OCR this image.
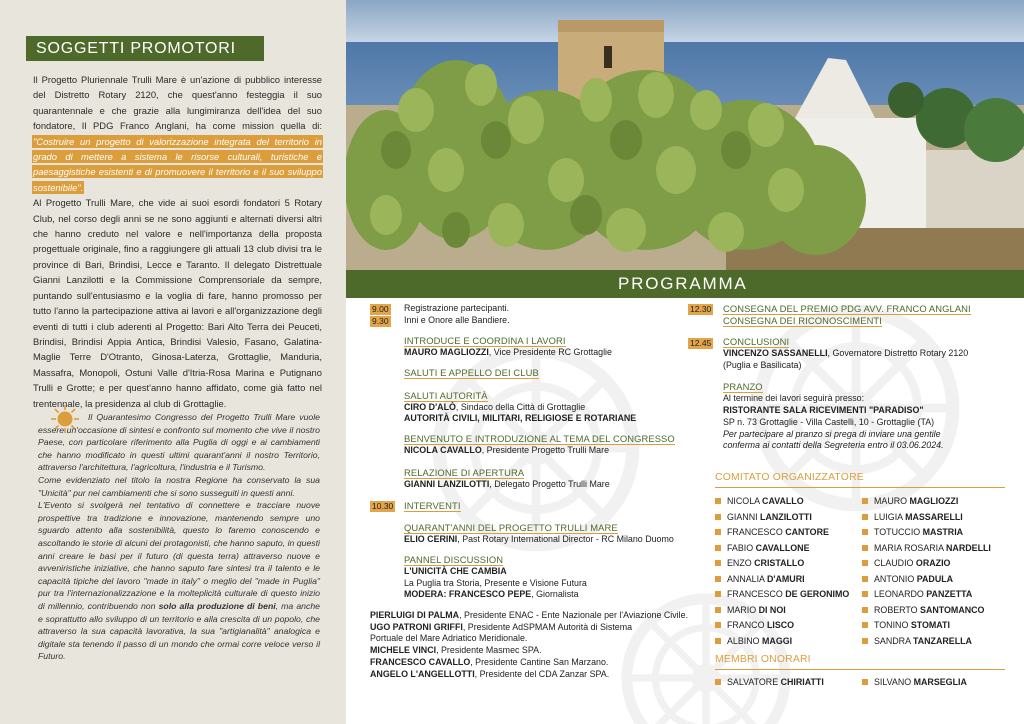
SOGGETTI PROMOTORI

Il Progetto Pluriennale Trulli Mare è un'azione di pubblico interesse del Distretto Rotary 2120, che quest'anno festeggia il suo quarantennale e che grazie alla lungimiranza dell'idea del suo fondatore, Il PDG Franco Anglani, ha come mission quella di: "Costruire un progetto di valorizzazione integrata del territorio in grado di mettere a sistema le risorse culturali, turistiche e paesaggistiche esistenti e di promuovere il territorio e il suo sviluppo sostenibile".

Al Progetto Trulli Mare, che vide ai suoi esordi fondatori 5 Rotary Club, nel corso degli anni se ne sono aggiunti e alternati diversi altri che hanno creduto nel valore e nell'importanza della proposta progettuale originale, fino a raggiungere gli attuali 13 club divisi tra le province di Bari, Brindisi, Lecce e Taranto. Il delegato Distrettuale Gianni Lanzilotti e la Commissione Comprensoriale da sempre, puntando sull'entusiasmo e la voglia di fare, hanno promosso per tutto l'anno la partecipazione attiva ai lavori e all'organizzazione degli eventi di tutti i club aderenti al Progetto: Bari Alto Terra dei Peuceti, Brindisi, Brindisi Appia Antica, Brindisi Valesio, Fasano, Galatina-Maglie Terre D'Otranto, Ginosa-Laterza, Grottaglie, Manduria, Massafra, Monopoli, Ostuni Valle d'Itria-Rosa Marina e Putignano Trulli e Grotte; e per quest'anno hanno affidato, come già fatto nel trentennale, la presidenza al club di Grottaglie.

Il Quarantesimo Congresso del Progetto Trulli Mare vuole essere un'occasione di sintesi e confronto sul momento che vive il nostro Paese, con particolare riferimento alla Puglia di oggi e ai cambiamenti che hanno modificato in questi ultimi quarant'anni il nostro Territorio, attraverso l'architettura, l'agricoltura, l'industria e il Turismo.
Come evidenziato nel titolo la nostra Regione ha conservato la sua "Unicità" pur nei cambiamenti che si sono susseguiti in questi anni.
L'Evento si svolgerà nel tentativo di connettere e tracciare nuove prospettive tra tradizione e innovazione, mantenendo sempre uno sguardo attento alla sostenibilità, questo lo faremo conoscendo e ascoltando le storie di alcuni dei protagonisti, che hanno saputo, in questi anni creare le basi per il futuro (di questa terra) attraverso nuove e avveniristiche iniziative, che hanno saputo fare sintesi tra il talento e le capacità tipiche del lavoro "made in italy" o meglio del "made in Puglia" pur tra l'internazionalizzazione e la molteplicità culturale di questo inizio di millennio, contribuendo non solo alla produzione di beni, ma anche e soprattutto allo sviluppo di un territorio e alla crescita di un popolo, che attraverso la sua capacità lavorativa, la sua "artigianalità" analogica e digitale sta tenendo il passo di un mondo che ormai corre veloce verso il Futuro.
PROGRAMMA
9.00
9.30
Registrazione partecipanti.
Inni e Onore alle Bandiere.
INTRODUCE E COORDINA I LAVORI
MAURO MAGLIOZZI, Vice Presidente RC Grottaglie
SALUTI E APPELLO DEI CLUB
SALUTI AUTORITÀ
CIRO D'ALÒ, Sindaco della Città di Grottaglie
AUTORITÀ CIVILI, MILITARI, RELIGIOSE E ROTARIANE
BENVENUTO E INTRODUZIONE AL TEMA DEL CONGRESSO
NICOLA CAVALLO, Presidente Progetto Trulli Mare
RELAZIONE DI APERTURA
GIANNI LANZILOTTI, Delegato Progetto Trulli Mare
10.30 INTERVENTI
QUARANT'ANNI DEL PROGETTO TRULLI MARE
ELIO CERINI, Past Rotary International Director - RC Milano Duomo
PANNEL DISCUSSION
L'UNICITÀ CHE CAMBIA
La Puglia tra Storia, Presente e Visione Futura
MODERA: FRANCESCO PEPE, Giornalista
PIERLUIGI DI PALMA, Presidente ENAC - Ente Nazionale per l'Aviazione Civile.
UGO PATRONI GRIFFI, Presidente AdSPMAM Autorità di Sistema
Portuale del Mare Adriatico Meridionale.
MICHELE VINCI, Presidente Masmec SPA.
FRANCESCO CAVALLO, Presidente Cantine San Marzano.
ANGELO L'ANGELLOTTI, Presidente del CDA Zanzar SPA.
12.30 CONSEGNA DEL PREMIO PDG AVV. FRANCO ANGLANI
CONSEGNA DEI RICONOSCIMENTI
12.45 CONCLUSIONI
VINCENZO SASSANELLI, Governatore Distretto Rotary 2120
(Puglia e Basilicata)
PRANZO
Al termine dei lavori seguirà presso:
RISTORANTE SALA RICEVIMENTI "PARADISO"
SP n. 73 Grottaglie - Villa Castelli, 10 - Grottaglie (TA)
Per partecipare al pranzo si prega di inviare una gentile
conferma ai contatti della Segreteria entro il 03.06.2024.
COMITATO ORGANIZZATORE
NICOLA CAVALLO
GIANNI LANZILOTTI
FRANCESCO CANTORE
FABIO CAVALLONE
ENZO CRISTALLO
ANNALIA D'AMURI
FRANCESCO DE GERONIMO
MARIO DI NOI
FRANCO LISCO
ALBINO MAGGI
MAURO MAGLIOZZI
LUIGIA MASSARELLI
TOTUCCIO MASTRIA
MARIA ROSARIA NARDELLI
CLAUDIO ORAZIO
ANTONIO PADULA
LEONARDO PANZETTA
ROBERTO SANTOMANCO
TONINO STOMATI
SANDRA TANZARELLA
MEMBRI ONORARI
SALVATORE CHIRIATTI	SILVANO MARSEGLIA
